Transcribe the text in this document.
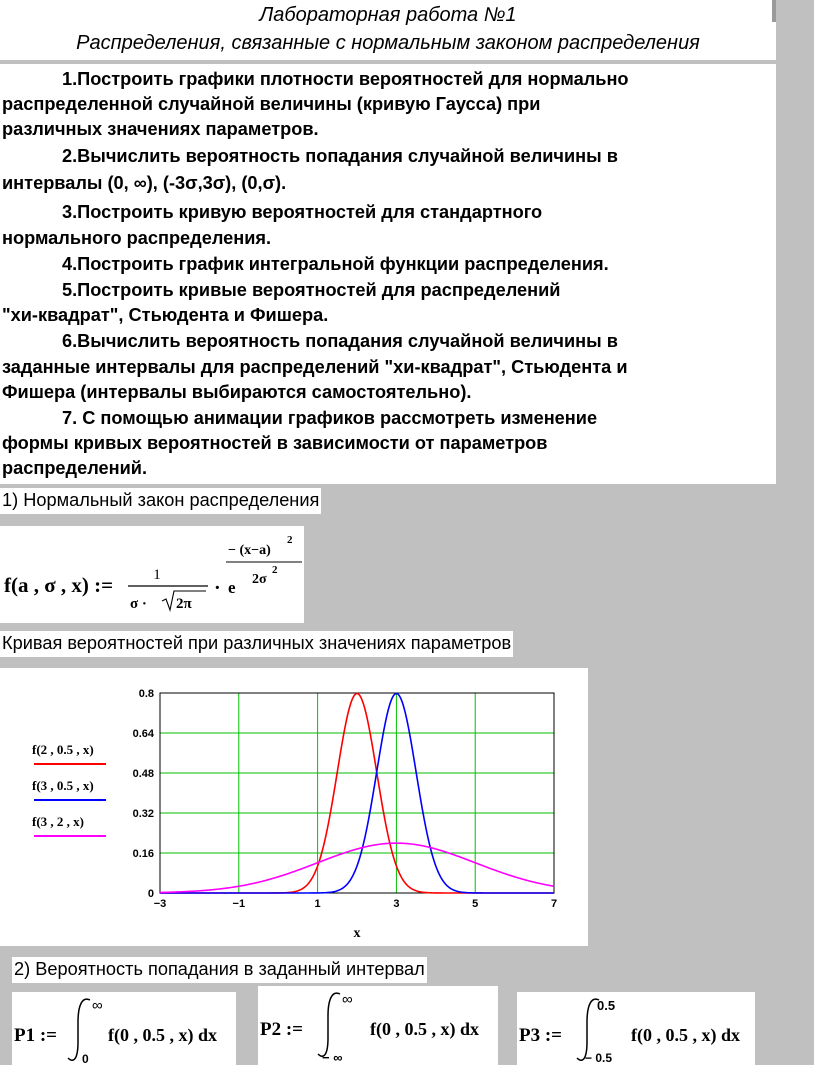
Лабораторная работа №1
Распределения, связанные с нормальным законом распределения
1.Построить графики плотности вероятностей для нормально
распределенной случайной величины (кривую Гаусса) при
различных значениях параметров.
2.Вычислить вероятность попадания случайной величины в
интервалы (0, ∞), (-3σ,3σ), (0,σ).
3.Построить кривую вероятностей для стандартного
нормального распределения.
4.Построить график интегральной функции распределения.
5.Построить кривые вероятностей для распределений
"хи-квадрат", Стьюдента и Фишера.
6.Вычислить вероятность попадания случайной величины в
заданные интервалы для распределений "хи-квадрат", Стьюдента и
Фишера (интервалы выбираются самостоятельно).
7. С помощью анимации графиков рассмотреть изменение
формы кривых вероятностей в зависимости от параметров
распределений.
1) Нормальный закон распределения
f(a , σ , x) :=	1
σ · 2π
· e
− (x−a)
2
2σ
2
Кривая вероятностей при различных значениях параметров
0
0.16
0.32
0.48
0.64
0.8
−3	−1	1	3	5	7
f(2 , 0.5 , x)
f(3 , 0.5 , x)
f(3 , 2 , x)
x
2) Вероятность попадания в заданный интервал
P1 :=
∞
0
f(0 , 0.5 , x) dx P2 :=
∞
− ∞
f(0 , 0.5 , x) dx P3 :=
0.5
− 0.5
f(0 , 0.5 , x) dx
